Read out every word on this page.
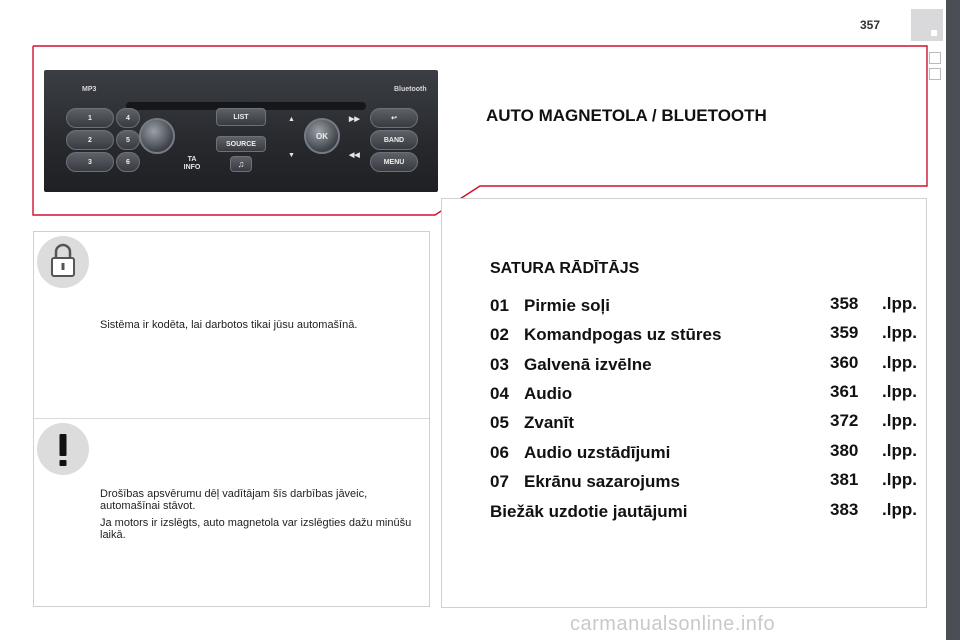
357
MP3	Bluetooth
1
2
3
4
5
6	TA INFO
LIST
SOURCE
♫
OK
▲
▼
▶▶
◀◀
↩
BAND
MENU
AUTO MAGNETOLA / BLUETOOTH

Sistēma ir kodēta, lai darbotos tikai jūsu automašīnā.

Drošības apsvērumu dēļ vadītājam šīs darbības jāveic, automašīnai stāvot.

Ja motors ir izslēgts, auto magnetola var izslēgties dažu minūšu laikā.

SATURA RĀDĪTĀJS
01 Pirmie soļi	358 .lpp.
02 Komandpogas uz stūres	359 .lpp.
03 Galvenā izvēlne	360 .lpp.
04 Audio	361 .lpp.
05 Zvanīt	372 .lpp.
06 Audio uzstādījumi	380 .lpp.
07 Ekrānu sazarojums	381 .lpp.
Biežāk uzdotie jautājumi	383 .lpp.
carmanualsonline.info
